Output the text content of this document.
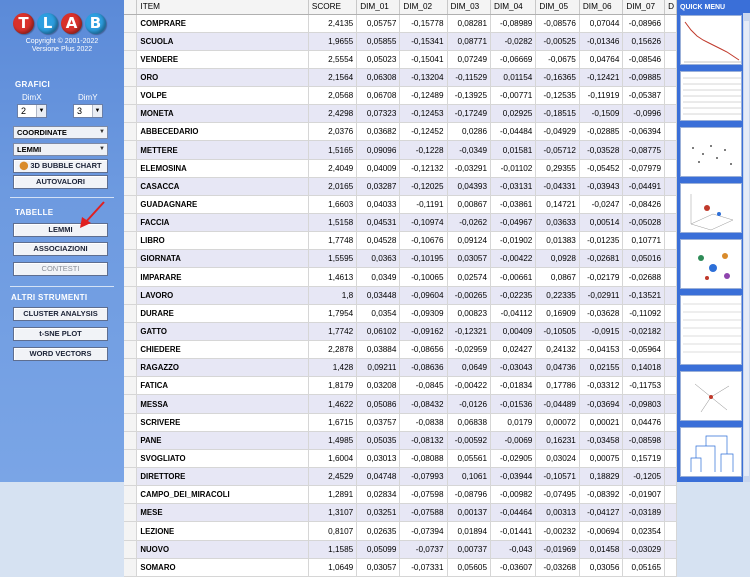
T L A B
Copyright © 2001-2022
Versione Plus 2022
GRAFICI
DimX	DimY
2	▼	3	▼
COORDINATE	▼
LEMMI	▼
⬤ 3D BUBBLE CHART
AUTOVALORI
TABELLE
LEMMI
ASSOCIAZIONI
CONTESTI
ALTRI STRUMENTI
CLUSTER ANALYSIS
t-SNE PLOT
WORD VECTORS
	ITEM	SCORE	DIM_01	DIM_02	DIM_03	DIM_04	DIM_05	DIM_06	DIM_07	D
	COMPRARE	2,4135	0,05757	-0,15778	0,08281	-0,08989	-0,08576	0,07044	-0,08966	
	SCUOLA	1,9655	0,05855	-0,15341	0,08771	-0,0282	-0,00525	-0,01346	0,15626	
	VENDERE	2,5554	0,05023	-0,15041	0,07249	-0,06669	-0,0675	0,04764	-0,08546	
	ORO	2,1564	0,06308	-0,13204	-0,11529	0,01154	-0,16365	-0,12421	-0,09885	
	VOLPE	2,0568	0,06708	-0,12489	-0,13925	-0,00771	-0,12535	-0,11919	-0,05387	
	MONETA	2,4298	0,07323	-0,12453	-0,17249	0,02925	-0,18515	-0,1509	-0,0996	
	ABBECEDARIO	2,0376	0,03682	-0,12452	0,0286	-0,04484	-0,04929	-0,02885	-0,06394	
	METTERE	1,5165	0,09096	-0,1228	-0,0349	0,01581	-0,05712	-0,03528	-0,08775	
	ELEMOSINA	2,4049	0,04009	-0,12132	-0,03291	-0,01102	0,29355	-0,05452	-0,07979	
	CASACCA	2,0165	0,03287	-0,12025	0,04393	-0,03131	-0,04331	-0,03943	-0,04491	
	GUADAGNARE	1,6603	0,04033	-0,1191	0,00867	-0,03861	0,14721	-0,0247	-0,08426	
	FACCIA	1,5158	0,04531	-0,10974	-0,0262	-0,04967	0,03633	0,00514	-0,05028	
	LIBRO	1,7748	0,04528	-0,10676	0,09124	-0,01902	0,01383	-0,01235	0,10771	
	GIORNATA	1,5595	0,0363	-0,10195	0,03057	-0,00422	0,0928	-0,02681	0,05016	
	IMPARARE	1,4613	0,0349	-0,10065	0,02574	-0,00661	0,0867	-0,02179	-0,02688	
	LAVORO	1,8	0,03448	-0,09604	-0,00265	-0,02235	0,22335	-0,02911	-0,13521	
	DURARE	1,7954	0,0354	-0,09309	0,00823	-0,04112	0,16909	-0,03628	-0,11092	
	GATTO	1,7742	0,06102	-0,09162	-0,12321	0,00409	-0,10505	-0,0915	-0,02182	
	CHIEDERE	2,2878	0,03884	-0,08656	-0,02959	0,02427	0,24132	-0,04153	-0,05964	
	RAGAZZO	1,428	0,09211	-0,08636	0,0649	-0,03043	0,04736	0,02155	0,14018	
	FATICA	1,8179	0,03208	-0,0845	-0,00422	-0,01834	0,17786	-0,03312	-0,11753	
	MESSA	1,4622	0,05086	-0,08432	-0,0126	-0,01536	-0,04489	-0,03694	-0,09803	
	SCRIVERE	1,6715	0,03757	-0,0838	0,06838	0,0179	0,00072	0,00021	0,04476	
	PANE	1,4985	0,05035	-0,08132	-0,00592	-0,0069	0,16231	-0,03458	-0,08598	
	SVOGLIATO	1,6004	0,03013	-0,08088	0,05561	-0,02905	0,03024	0,00075	0,15719	
	DIRETTORE	2,4529	0,04748	-0,07993	0,1061	-0,03944	-0,10571	0,18829	-0,1205	
	CAMPO_DEI_MIRACOLI	1,2891	0,02834	-0,07598	-0,08796	-0,00982	-0,07495	-0,08392	-0,01907	
	MESE	1,3107	0,03251	-0,07588	0,00137	-0,04464	0,00313	-0,04127	-0,03189	
	LEZIONE	0,8107	0,02635	-0,07394	0,01894	-0,01441	-0,00232	-0,00694	0,02354	
	NUOVO	1,1585	0,05099	-0,0737	0,00737	-0,043	-0,01969	0,01458	-0,03029	
	SOMARO	1,0649	0,03057	-0,07331	0,05605	-0,03607	-0,03268	0,03056	0,05165	
QUICK MENU
